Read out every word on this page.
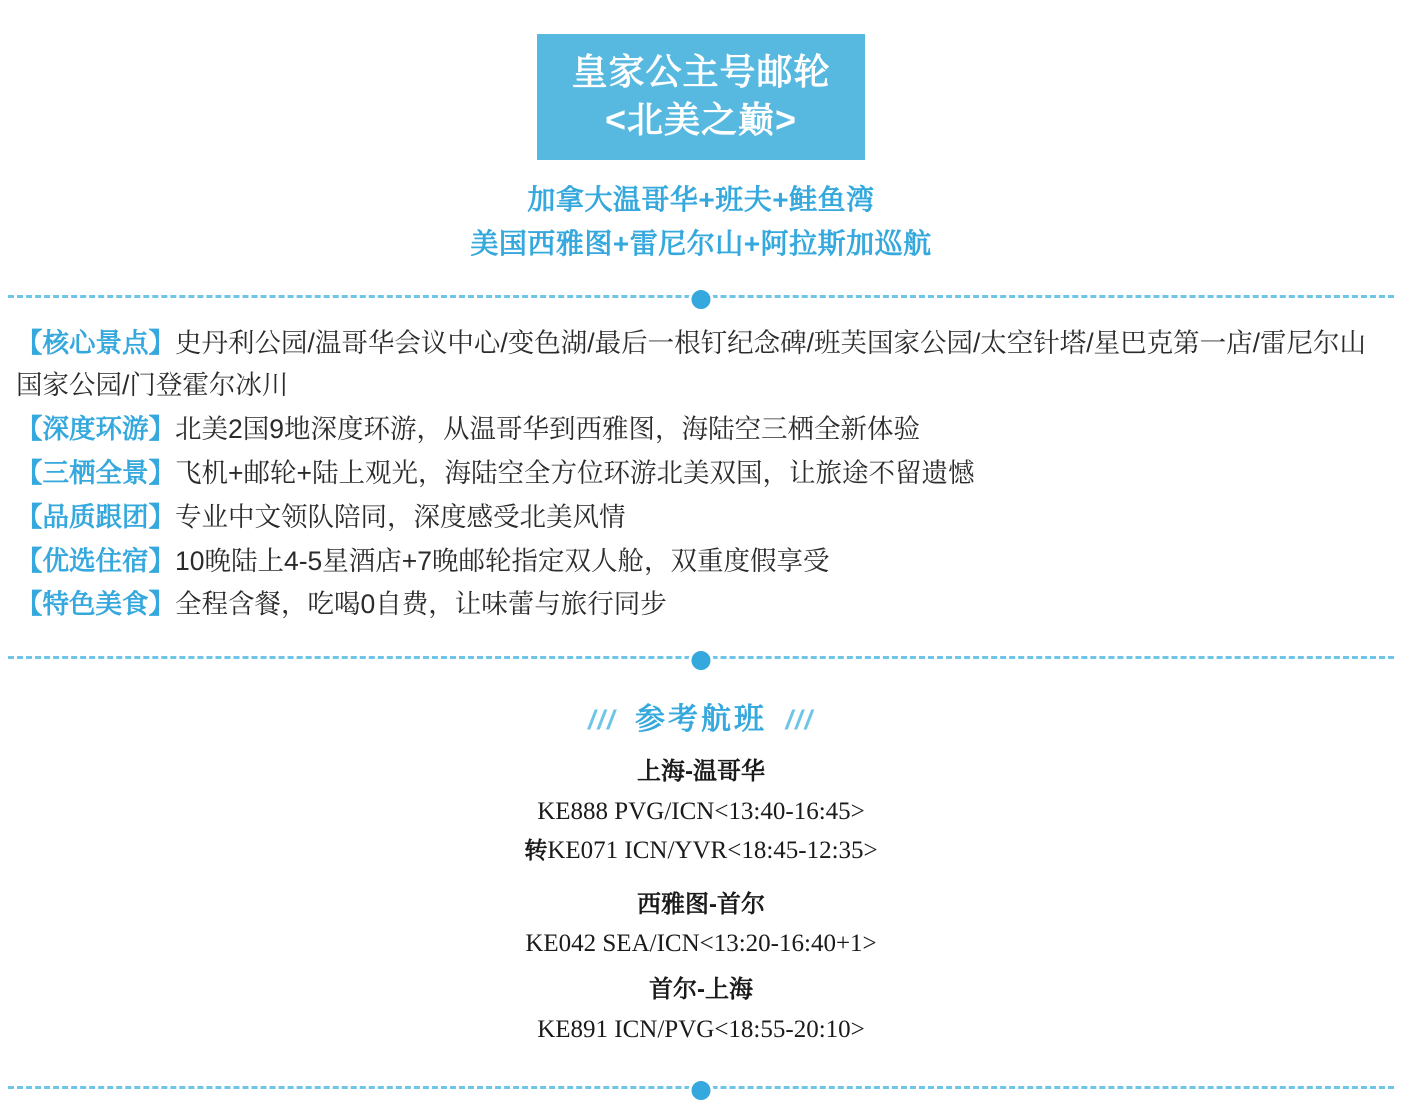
皇家公主号邮轮
<北美之巅>
加拿大温哥华+班夫+鲑鱼湾
美国西雅图+雷尼尔山+阿拉斯加巡航
【核心景点】史丹利公园/温哥华会议中心/变色湖/最后一根钉纪念碑/班芙国家公园/太空针塔/星巴克第一店/雷尼尔山国家公园/门登霍尔冰川
【深度环游】北美2国9地深度环游，从温哥华到西雅图，海陆空三栖全新体验
【三栖全景】飞机+邮轮+陆上观光，海陆空全方位环游北美双国，让旅途不留遗憾
【品质跟团】专业中文领队陪同，深度感受北美风情
【优选住宿】10晚陆上4-5星酒店+7晚邮轮指定双人舱，双重度假享受
【特色美食】全程含餐，吃喝0自费，让味蕾与旅行同步
/// 参考航班 ///
上海-温哥华
KE888 PVG/ICN<13:40-16:45>
转KE071 ICN/YVR<18:45-12:35>
西雅图-首尔
KE042 SEA/ICN<13:20-16:40+1>
首尔-上海
KE891 ICN/PVG<18:55-20:10>
